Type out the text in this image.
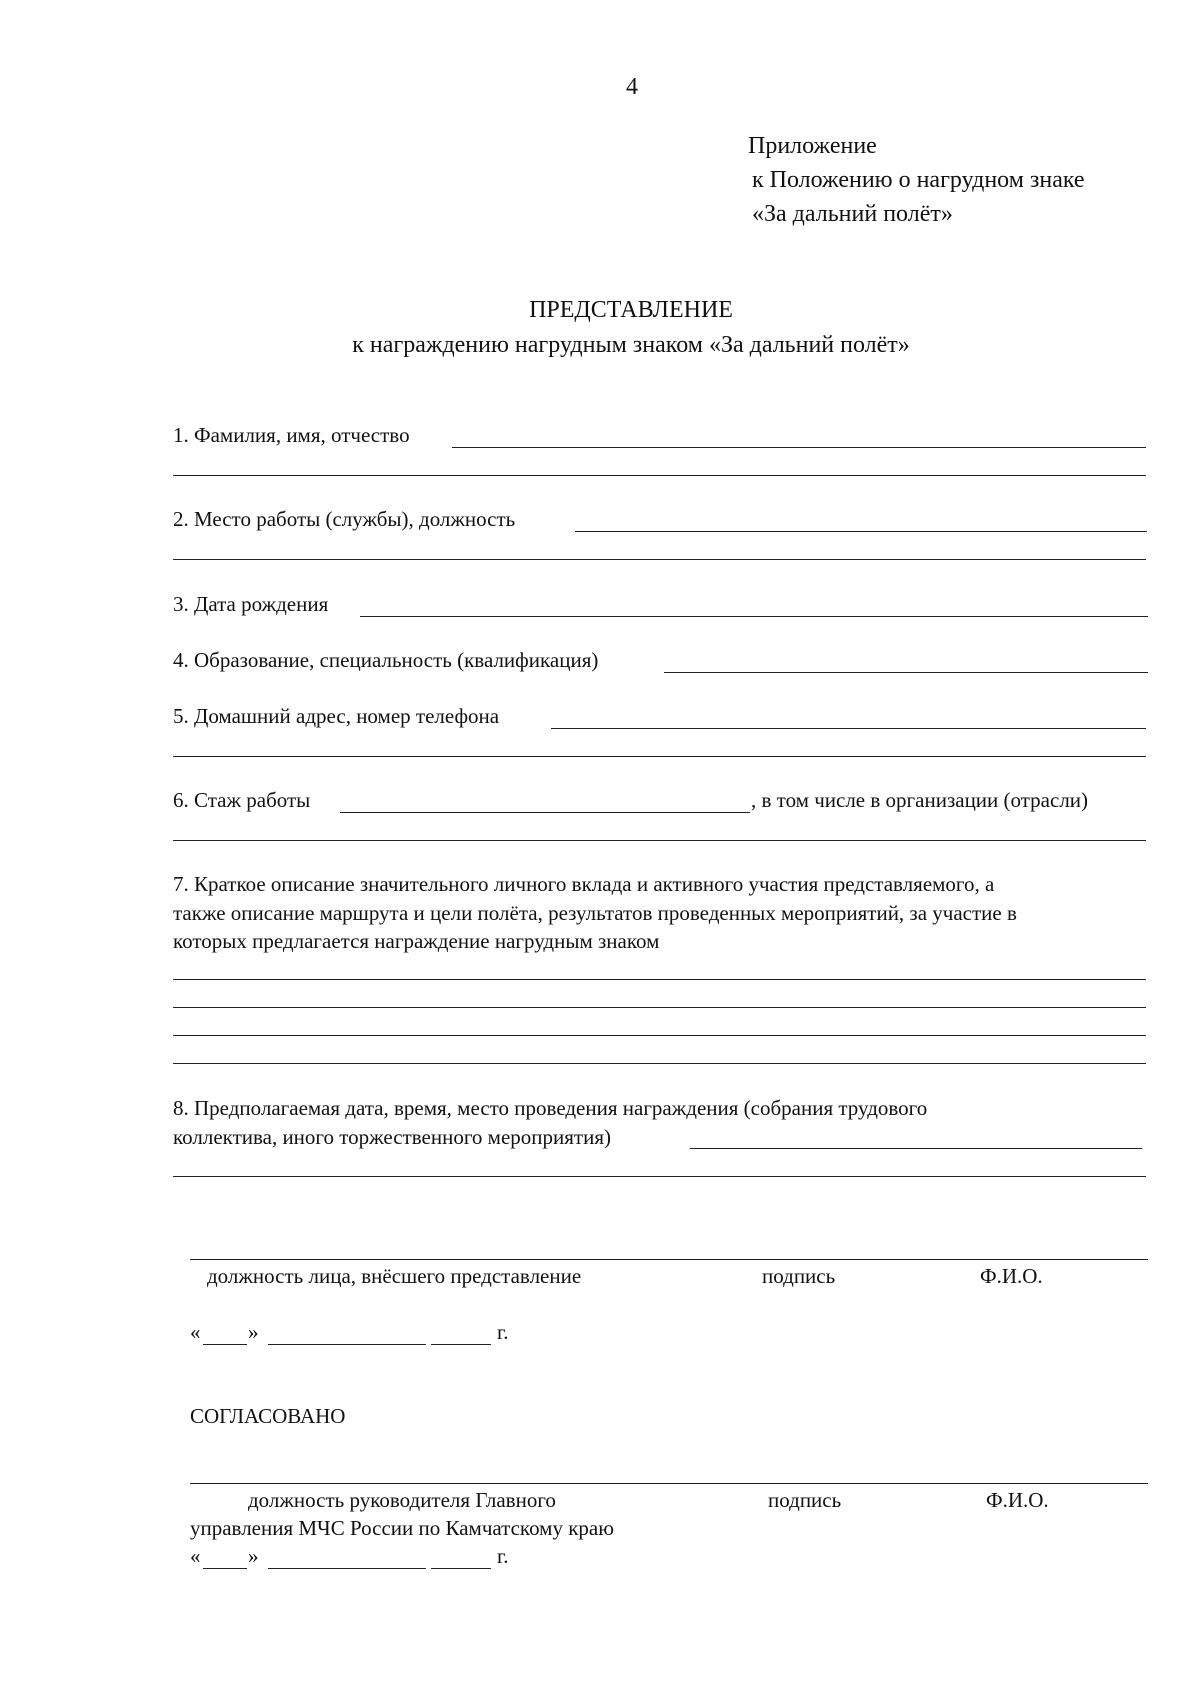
4
Приложение
к Положению о нагрудном знаке
«За дальний полёт»
ПРЕДСТАВЛЕНИЕ
к награждению нагрудным знаком «За дальний полёт»
1. Фамилия, имя, отчество
2. Место работы (службы), должность
3. Дата рождения
4. Образование, специальность (квалификация)
5. Домашний адрес, номер телефона
6. Стаж работы	, в том числе в организации (отрасли)
7. Краткое описание значительного личного вклада и активного участия представляемого, а
также описание маршрута и цели полёта, результатов проведенных мероприятий, за участие в
которых предлагается награждение нагрудным знаком
8. Предполагаемая дата, время, место проведения награждения (собрания трудового
коллектива, иного торжественного мероприятия)
должность лица, внёсшего представление	подпись	Ф.И.О.
« »	г.
СОГЛАСОВАНО
должность руководителя Главного	подпись	Ф.И.О.
управления МЧС России по Камчатскому краю
« »	г.
